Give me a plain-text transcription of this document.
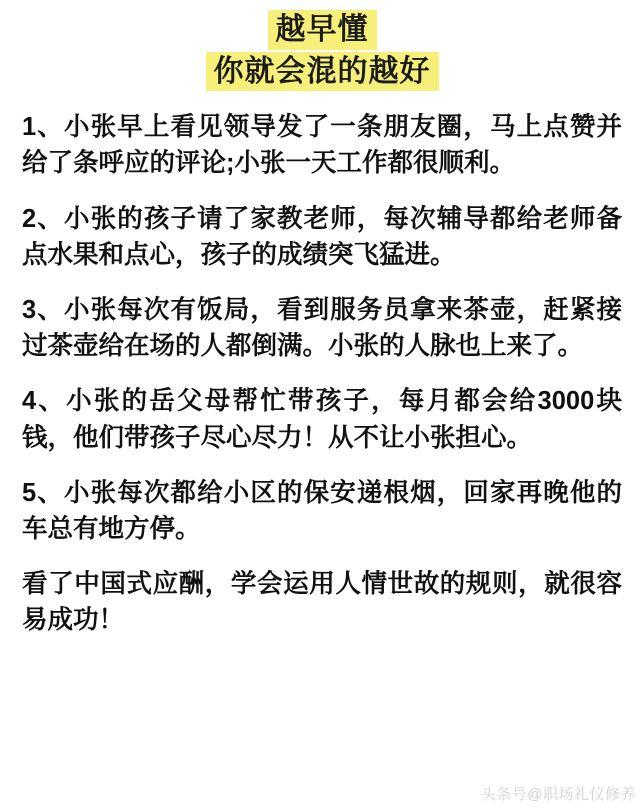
越早懂
你就会混的越好

1、小张早上看见领导发了一条朋友圈，马上点赞并给了条呼应的评论;小张一天工作都很顺利。

2、小张的孩子请了家教老师，每次辅导都给老师备点水果和点心，孩子的成绩突飞猛进。

3、小张每次有饭局，看到服务员拿来茶壶，赶紧接过茶壶给在场的人都倒满。小张的人脉也上来了。

4、小张的岳父母帮忙带孩子，每月都会给3000块钱，他们带孩子尽心尽力！从不让小张担心。

5、小张每次都给小区的保安递根烟，回家再晚他的车总有地方停。

看了中国式应酬，学会运用人情世故的规则，就很容易成功！

头条号@职场礼仪修养
